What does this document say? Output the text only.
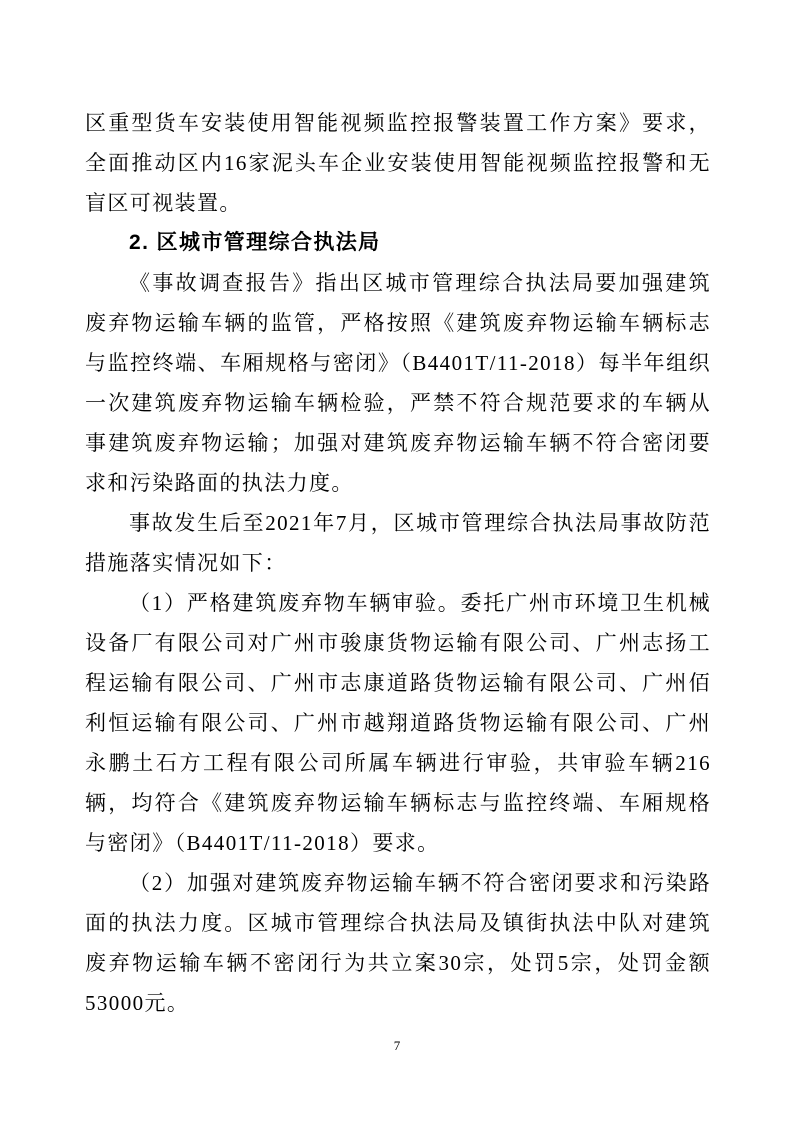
区重型货车安装使用智能视频监控报警装置工作方案》要求，全面推动区内16家泥头车企业安装使用智能视频监控报警和无盲区可视装置。

2. 区城市管理综合执法局

《事故调查报告》指出区城市管理综合执法局要加强建筑废弃物运输车辆的监管，严格按照《建筑废弃物运输车辆标志与监控终端、车厢规格与密闭》（B4401T/11-2018）每半年组织一次建筑废弃物运输车辆检验，严禁不符合规范要求的车辆从事建筑废弃物运输；加强对建筑废弃物运输车辆不符合密闭要求和污染路面的执法力度。

事故发生后至2021年7月，区城市管理综合执法局事故防范措施落实情况如下：

（1）严格建筑废弃物车辆审验。委托广州市环境卫生机械设备厂有限公司对广州市骏康货物运输有限公司、广州志扬工程运输有限公司、广州市志康道路货物运输有限公司、广州佰利恒运输有限公司、广州市越翔道路货物运输有限公司、广州永鹏土石方工程有限公司所属车辆进行审验，共审验车辆216辆，均符合《建筑废弃物运输车辆标志与监控终端、车厢规格与密闭》（B4401T/11-2018）要求。

（2）加强对建筑废弃物运输车辆不符合密闭要求和污染路面的执法力度。区城市管理综合执法局及镇街执法中队对建筑废弃物运输车辆不密闭行为共立案30宗，处罚5宗，处罚金额53000元。

7
